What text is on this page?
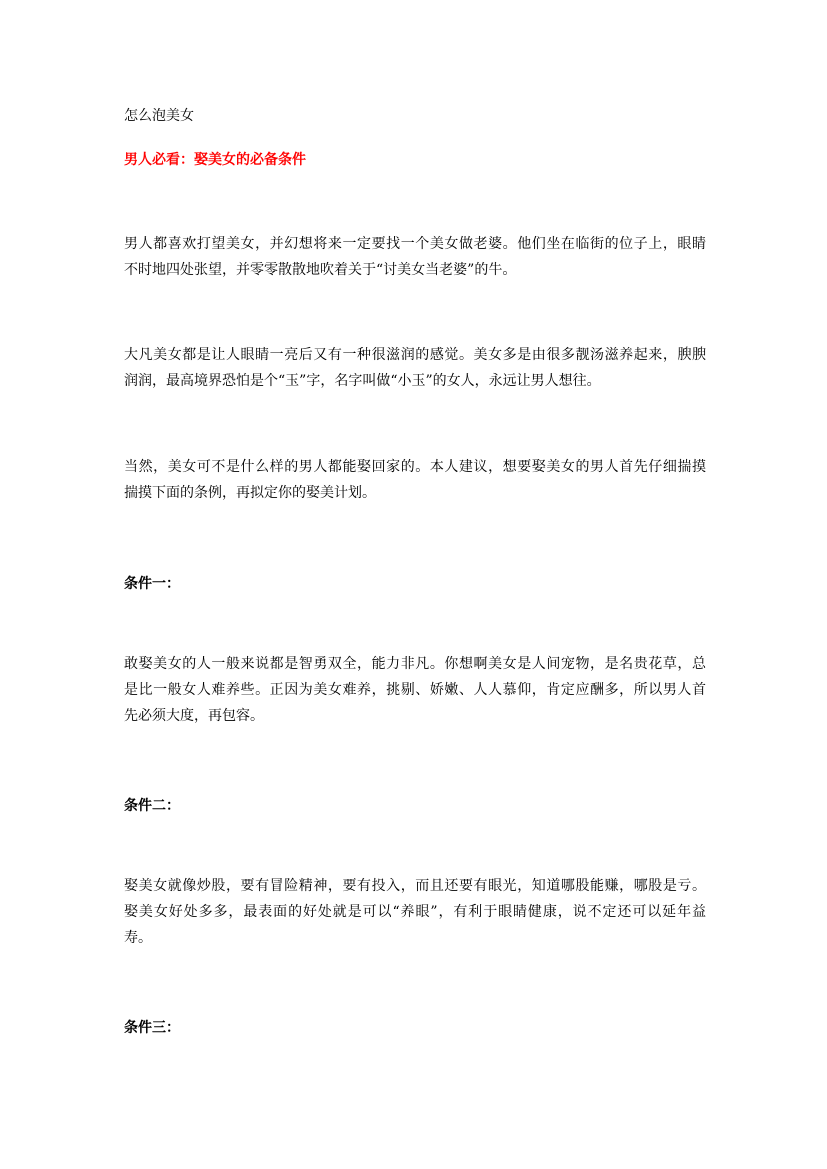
怎么泡美女
男人必看：娶美女的必备条件
男人都喜欢打望美女，并幻想将来一定要找一个美女做老婆。他们坐在临街的位子上，眼睛
不时地四处张望，并零零散散地吹着关于“讨美女当老婆”的牛。
大凡美女都是让人眼睛一亮后又有一种很滋润的感觉。美女多是由很多靓汤滋养起来，腴腴
润润，最高境界恐怕是个“玉”字，名字叫做“小玉”的女人，永远让男人想往。
当然，美女可不是什么样的男人都能娶回家的。本人建议，想要娶美女的男人首先仔细揣摸
揣摸下面的条例，再拟定你的娶美计划。
条件一：
敢娶美女的人一般来说都是智勇双全，能力非凡。你想啊美女是人间宠物，是名贵花草，总
是比一般女人难养些。正因为美女难养，挑剔、娇嫩、人人慕仰，肯定应酬多，所以男人首
先必须大度，再包容。
条件二：
娶美女就像炒股，要有冒险精神，要有投入，而且还要有眼光，知道哪股能赚，哪股是亏。
娶美女好处多多，最表面的好处就是可以“养眼”，有利于眼睛健康，说不定还可以延年益
寿。
条件三：
